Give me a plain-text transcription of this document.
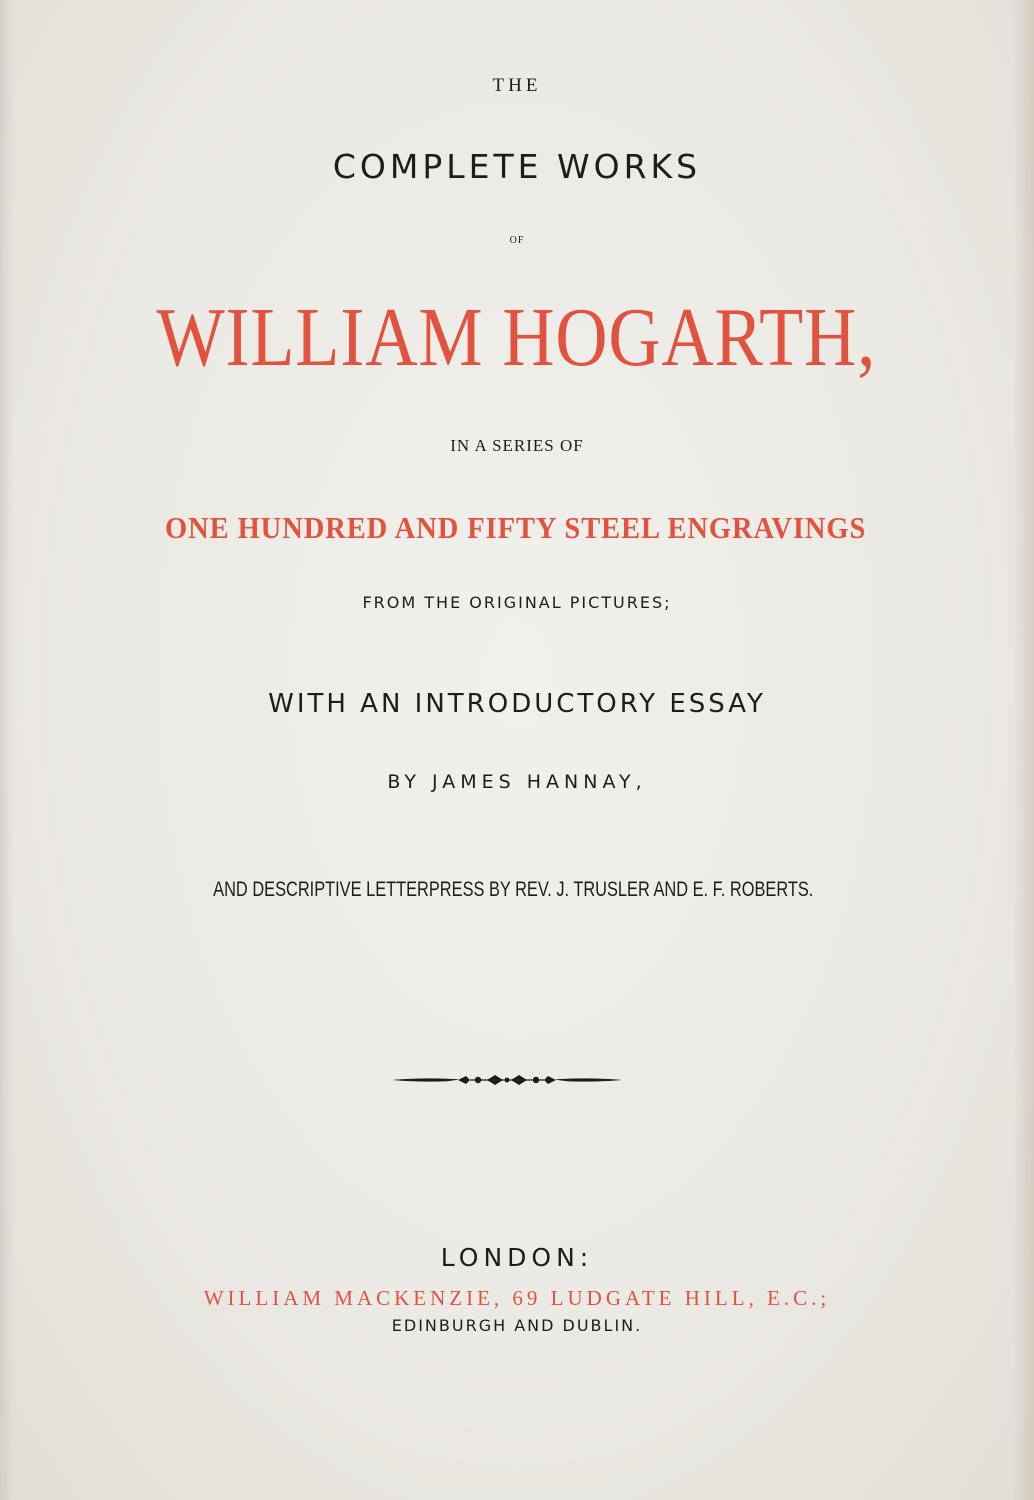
THE

COMPLETE WORKS

OF

WILLIAM HOGARTH,

IN A SERIES OF

ONE HUNDRED AND FIFTY STEEL ENGRAVINGS

FROM THE ORIGINAL PICTURES;

WITH AN INTRODUCTORY ESSAY

BY JAMES HANNAY,

AND DESCRIPTIVE LETTERPRESS BY REV. J. TRUSLER AND E. F. ROBERTS.

LONDON:

WILLIAM MACKENZIE, 69 LUDGATE HILL, E.C.;

EDINBURGH AND DUBLIN.
